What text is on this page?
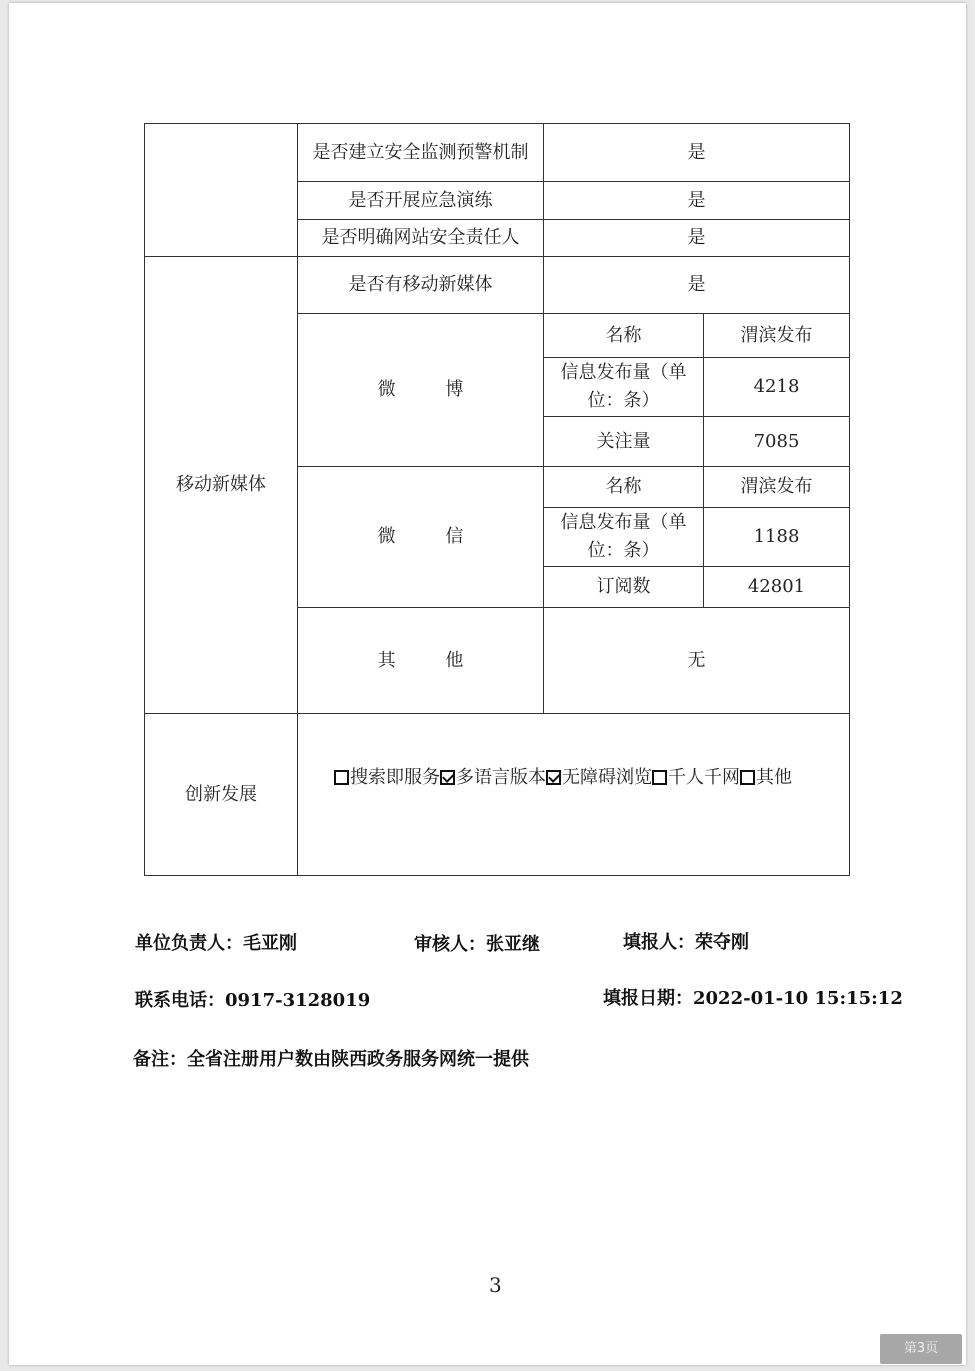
	是否建立安全监测预警机制	是	
	是否开展应急演练	是	
	是否明确网站安全责任人	是	
移动新媒体	是否有移动新媒体	是	
	微 博	名称	渭滨发布
		信息发布量（单位：条）	4218
		关注量	7085
	微 信	名称	渭滨发布
		信息发布量（单位：条）	1188
		订阅数	42801
	其 他	无	
创新发展	搜索即服务 多语言版本 无障碍浏览 千人千网 其他		
单位负责人：毛亚刚	审核人：张亚继	填报人：荣夺刚
联系电话：0917-3128019	填报日期：2022-01-10 15:15:12
备注：全省注册用户数由陕西政务服务网统一提供
3
第3页
